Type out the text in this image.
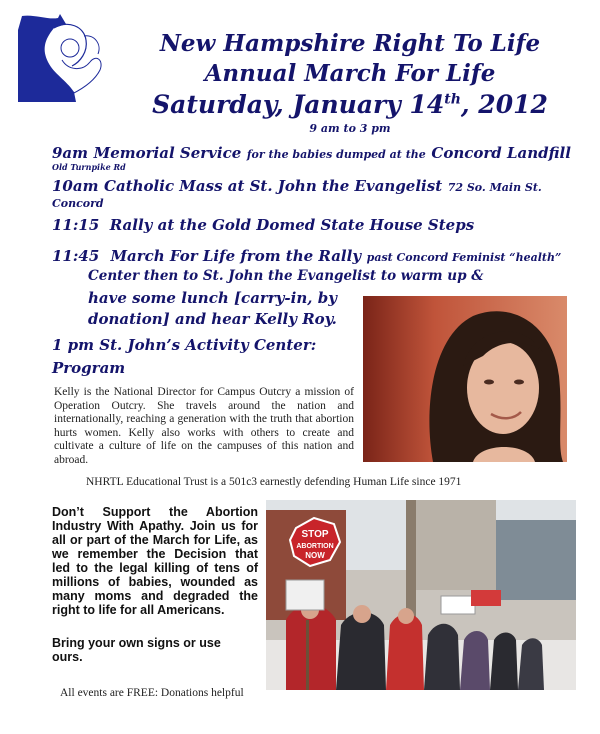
New Hampshire Right To Life
Annual March For Life
Saturday, January 14th, 2012
9 am to 3 pm
9am Memorial Service for the babies dumped at the Concord Landfill
Old Turnpike Rd
10am Catholic Mass at St. John the Evangelist 72 So. Main St.
Concord
11:15 Rally at the Gold Domed State House Steps
11:45 March For Life from the Rally past Concord Feminist “health”
Center then to St. John the Evangelist to warm up &
have some lunch [carry-in, by
donation] and hear Kelly Roy.
1 pm St. John’s Activity Center:
Program
Kelly is the National Director for Campus Outcry a mission of Operation Outcry. She travels around the nation and internationally, reaching a generation with the truth that abortion hurts women. Kelly also works with others to create and cultivate a culture of life on the campuses of this nation and abroad.
NHRTL Educational Trust is a 501c3 earnestly defending Human Life since 1971
Don’t Support the Abortion Industry With Apathy. Join us for all or part of the March for Life, as we remember the Decision that led to the legal killing of tens of millions of babies, wounded as many moms and degraded the right to life for all Americans.
Bring your own signs or use ours.
All events are FREE: Donations helpful
STOP
ABORTION
NOW
